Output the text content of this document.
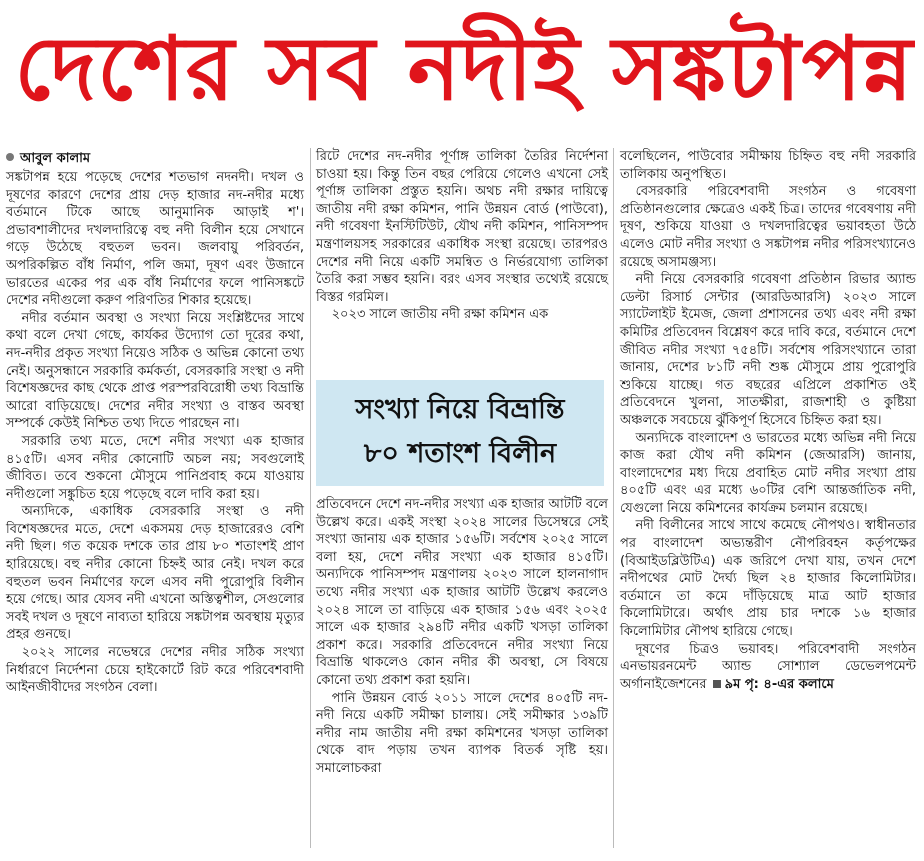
দেশের সব নদীই সঙ্কটাপন্ন
আবুল কালাম

সঙ্কটাপন্ন হয়ে পড়েছে দেশের শতভাগ নদনদী। দখল ও দূষণের কারণে দেশের প্রায় দেড় হাজার নদ-নদীর মধ্যে বর্তমানে টিকে আছে আনুমানিক আড়াই শ'। প্রভাবশালীদের দখলদারিত্বে বহু নদী বিলীন হয়ে সেখানে গড়ে উঠেছে বহুতল ভবন। জলবায়ু পরিবর্তন, অপরিকল্পিত বাঁধ নির্মাণ, পলি জমা, দূষণ এবং উজানে ভারতের একের পর এক বাঁধ নির্মাণের ফলে পানিসঙ্কটে দেশের নদীগুলো করুণ পরিণতির শিকার হয়েছে।

নদীর বর্তমান অবস্থা ও সংখ্যা নিয়ে সংশ্লিষ্টদের সাথে কথা বলে দেখা গেছে, কার্যকর উদ্যোগ তো দূরের কথা, নদ-নদীর প্রকৃত সংখ্যা নিয়েও সঠিক ও অভিন্ন কোনো তথ্য নেই। অনুসন্ধানে সরকারি কর্মকর্তা, বেসরকারি সংস্থা ও নদী বিশেষজ্ঞদের কাছ থেকে প্রাপ্ত পরস্পরবিরোধী তথ্য বিভ্রান্তি আরো বাড়িয়েছে। দেশের নদীর সংখ্যা ও বাস্তব অবস্থা সম্পর্কে কেউই নিশ্চিত তথ্য দিতে পারছেন না।

সরকারি তথ্য মতে, দেশে নদীর সংখ্যা এক হাজার ৪১৫টি। এসব নদীর কোনোটি অচল নয়; সবগুলোই জীবিত। তবে শুকনো মৌসুমে পানিপ্রবাহ কমে যাওয়ায় নদীগুলো সঙ্কুচিত হয়ে পড়েছে বলে দাবি করা হয়।

অন্যদিকে, একাধিক বেসরকারি সংস্থা ও নদী বিশেষজ্ঞদের মতে, দেশে একসময় দেড় হাজারেরও বেশি নদী ছিল। গত কয়েক দশকে তার প্রায় ৮০ শতাংশই প্রাণ হারিয়েছে। বহু নদীর কোনো চিহ্নই আর নেই। দখল করে বহুতল ভবন নির্মাণের ফলে এসব নদী পুরোপুরি বিলীন হয়ে গেছে। আর যেসব নদী এখনো অস্তিত্বশীল, সেগুলোর সবই দখল ও দূষণে নাব্যতা হারিয়ে সঙ্কটাপন্ন অবস্থায় মৃত্যুর প্রহর গুনছে।

২০২২ সালের নভেম্বরে দেশের নদীর সঠিক সংখ্যা নির্ধারণে নির্দেশনা চেয়ে হাইকোর্টে রিট করে পরিবেশবাদী আইনজীবীদের সংগঠন বেলা।

রিটে দেশের নদ-নদীর পূর্ণাঙ্গ তালিকা তৈরির নির্দেশনা চাওয়া হয়। কিন্তু তিন বছর পেরিয়ে গেলেও এখনো সেই পূর্ণাঙ্গ তালিকা প্রস্তুত হয়নি। অথচ নদী রক্ষার দায়িত্বে জাতীয় নদী রক্ষা কমিশন, পানি উন্নয়ন বোর্ড (পাউবো), নদী গবেষণা ইনস্টিটিউট, যৌথ নদী কমিশন, পানিসম্পদ মন্ত্রণালয়সহ সরকারের একাধিক সংস্থা রয়েছে। তারপরও দেশের নদী নিয়ে একটি সমন্বিত ও নির্ভরযোগ্য তালিকা তৈরি করা সম্ভব হয়নি। বরং এসব সংস্থার তথ্যেই রয়েছে বিস্তর গরমিল।

২০২৩ সালে জাতীয় নদী রক্ষা কমিশন এক

সংখ্যা নিয়ে বিভ্রান্তি
৮০ শতাংশ বিলীন

প্রতিবেদনে দেশে নদ-নদীর সংখ্যা এক হাজার আটটি বলে উল্লেখ করে। একই সংস্থা ২০২৪ সালের ডিসেম্বরে সেই সংখ্যা জানায় এক হাজার ১৫৬টি। সর্বশেষ ২০২৫ সালে বলা হয়, দেশে নদীর সংখ্যা এক হাজার ৪১৫টি। অন্যদিকে পানিসম্পদ মন্ত্রণালয় ২০২৩ সালে হালনাগাদ তথ্যে নদীর সংখ্যা এক হাজার আটটি উল্লেখ করলেও ২০২৪ সালে তা বাড়িয়ে এক হাজার ১৫৬ এবং ২০২৫ সালে এক হাজার ২৯৪টি নদীর একটি খসড়া তালিকা প্রকাশ করে। সরকারি প্রতিবেদনে নদীর সংখ্যা নিয়ে বিভ্রান্তি থাকলেও কোন নদীর কী অবস্থা, সে বিষয়ে কোনো তথ্য প্রকাশ করা হয়নি।

পানি উন্নয়ন বোর্ড ২০১১ সালে দেশের ৪০৫টি নদ-নদী নিয়ে একটি সমীক্ষা চালায়। সেই সমীক্ষার ১৩৯টি নদীর নাম জাতীয় নদী রক্ষা কমিশনের খসড়া তালিকা থেকে বাদ পড়ায় তখন ব্যাপক বিতর্ক সৃষ্টি হয়। সমালোচকরা

বলেছিলেন, পাউবোর সমীক্ষায় চিহ্নিত বহু নদী সরকারি তালিকায় অনুপস্থিত।

বেসরকারি পরিবেশবাদী সংগঠন ও গবেষণা প্রতিষ্ঠানগুলোর ক্ষেত্রেও একই চিত্র। তাদের গবেষণায় নদী দূষণ, শুকিয়ে যাওয়া ও দখলদারিত্বের ভয়াবহতা উঠে এলেও মোট নদীর সংখ্যা ও সঙ্কটাপন্ন নদীর পরিসংখ্যানেও রয়েছে অসামঞ্জস্য।

নদী নিয়ে বেসরকারি গবেষণা প্রতিষ্ঠান রিভার অ্যান্ড ডেল্টা রিসার্চ সেন্টার (আরডিআরসি) ২০২৩ সালে স্যাটেলাইট ইমেজ, জেলা প্রশাসনের তথ্য এবং নদী রক্ষা কমিটির প্রতিবেদন বিশ্লেষণ করে দাবি করে, বর্তমানে দেশে জীবিত নদীর সংখ্যা ৭৫৪টি। সর্বশেষ পরিসংখ্যানে তারা জানায়, দেশের ৮১টি নদী শুষ্ক মৌসুমে প্রায় পুরোপুরি শুকিয়ে যাচ্ছে। গত বছরের এপ্রিলে প্রকাশিত ওই প্রতিবেদনে খুলনা, সাতক্ষীরা, রাজশাহী ও কুষ্টিয়া অঞ্চলকে সবচেয়ে ঝুঁকিপূর্ণ হিসেবে চিহ্নিত করা হয়।

অন্যদিকে বাংলাদেশ ও ভারতের মধ্যে অভিন্ন নদী নিয়ে কাজ করা যৌথ নদী কমিশন (জেআরসি) জানায়, বাংলাদেশের মধ্য দিয়ে প্রবাহিত মোট নদীর সংখ্যা প্রায় ৪০৫টি এবং এর মধ্যে ৬০টির বেশি আন্তর্জাতিক নদী, যেগুলো নিয়ে কমিশনের কার্যক্রম চলমান রয়েছে।

নদী বিলীনের সাথে সাথে কমেছে নৌপথও। স্বাধীনতার পর বাংলাদেশ অভ্যন্তরীণ নৌপরিবহন কর্তৃপক্ষের (বিআইডব্লিউটিএ) এক জরিপে দেখা যায়, তখন দেশে নদীপথের মোট দৈর্ঘ্য ছিল ২৪ হাজার কিলোমিটার। বর্তমানে তা কমে দাঁড়িয়েছে মাত্র আট হাজার কিলোমিটারে। অর্থাৎ প্রায় চার দশকে ১৬ হাজার কিলোমিটার নৌপথ হারিয়ে গেছে।

দূষণের চিত্রও ভয়াবহ। পরিবেশবাদী সংগঠন এনভায়রনমেন্ট অ্যান্ড সোশ্যাল ডেভেলপমেন্ট অর্গানাইজেশনের ৯ম পৃ: ৪-এর কলামে
